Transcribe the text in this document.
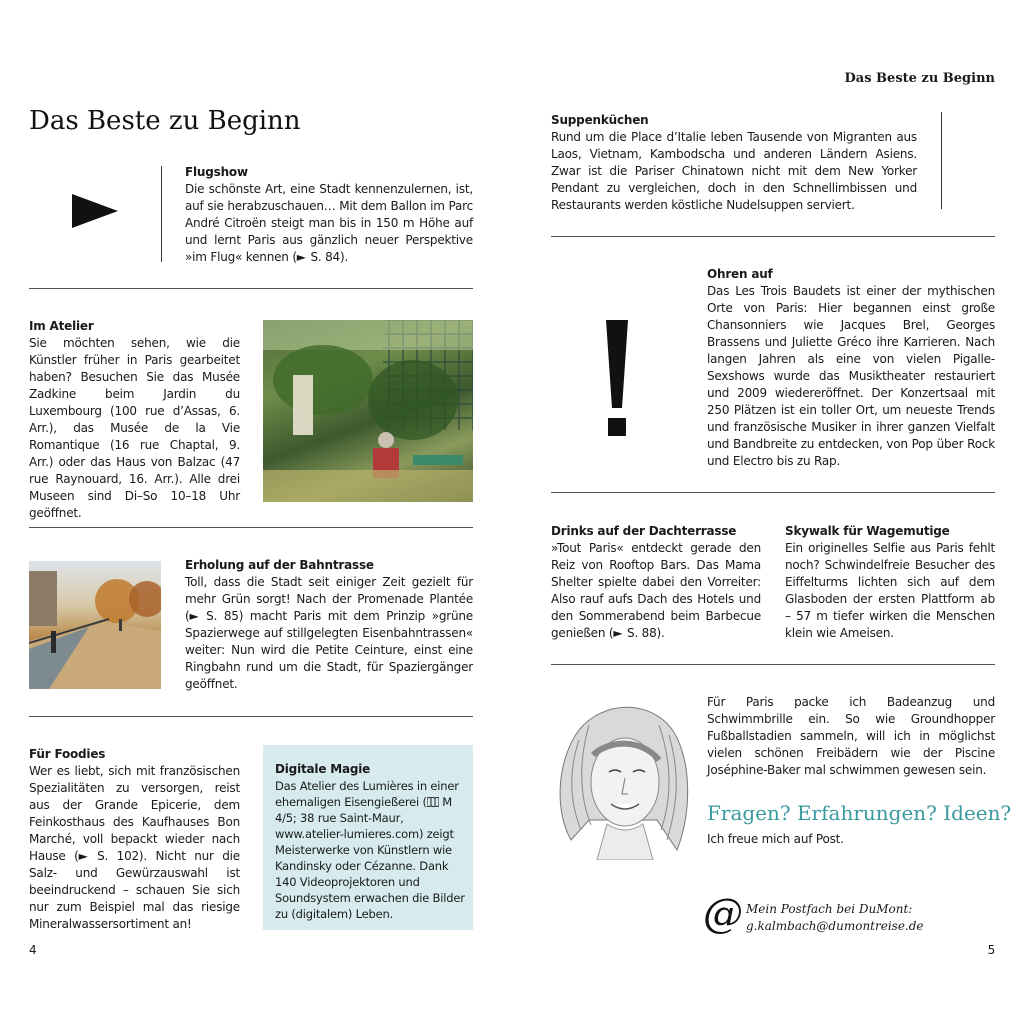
Das Beste zu Beginn
Das Beste zu Beginn
Flugshow
Die schönste Art, eine Stadt kennenzulernen, ist, auf sie herabzuschauen… Mit dem Ballon im Parc André Citroën steigt man bis in 150 m Höhe auf und lernt Paris aus gänzlich neuer Perspektive »im Flug« kennen (► S. 84).
Im Atelier
Sie möchten sehen, wie die Künstler früher in Paris gearbeitet haben? Besuchen Sie das Musée Zadkine beim Jardin du Luxembourg (100 rue d’Assas, 6. Arr.), das Musée de la Vie Romantique (16 rue Chaptal, 9. Arr.) oder das Haus von Balzac (47 rue Raynouard, 16. Arr.). Alle drei Museen sind Di–So 10–18 Uhr geöffnet.
Erholung auf der Bahntrasse
Toll, dass die Stadt seit einiger Zeit gezielt für mehr Grün sorgt! Nach der Promenade Plantée (► S. 85) macht Paris mit dem Prinzip »grüne Spazierwege auf stillgelegten Eisenbahntrassen« weiter: Nun wird die Petite Ceinture, einst eine Ringbahn rund um die Stadt, für Spaziergänger geöffnet.
Für Foodies
Wer es liebt, sich mit französischen Spezialitäten zu versorgen, reist aus der Grande Epicerie, dem Feinkosthaus des Kaufhauses Bon Marché, voll bepackt wieder nach Hause (► S. 102). Nicht nur die Salz- und Gewürzauswahl ist beeindruckend – schauen Sie sich nur zum Beispiel mal das riesige Mineralwassersortiment an!
Digitale Magie
Das Atelier des Lumières in einer ehemaligen Eisengießerei ( M 4/5; 38 rue Saint-Maur, www.atelier-lumieres.com) zeigt Meisterwerke von Künstlern wie Kandinsky oder Cézanne. Dank 140 Videoprojektoren und Soundsystem erwachen die Bilder zu (digitalem) Leben.
4
Suppenküchen
Rund um die Place d’Italie leben Tausende von Migranten aus Laos, Vietnam, Kambodscha und anderen Ländern Asiens. Zwar ist die Pariser Chinatown nicht mit dem New Yorker Pendant zu vergleichen, doch in den Schnellimbissen und Restaurants werden köstliche Nudelsuppen serviert.
Ohren auf
Das Les Trois Baudets ist einer der mythischen Orte von Paris: Hier begannen einst große Chansonniers wie Jacques Brel, Georges Brassens und Juliette Gréco ihre Karrieren. Nach langen Jahren als eine von vielen Pigalle-Sexshows wurde das Musiktheater restauriert und 2009 wiedereröffnet. Der Konzertsaal mit 250 Plätzen ist ein toller Ort, um neueste Trends und französische Musiker in ihrer ganzen Vielfalt und Bandbreite zu entdecken, von Pop über Rock und Electro bis zu Rap.
Drinks auf der Dachterrasse
»Tout Paris« entdeckt gerade den Reiz von Rooftop Bars. Das Mama Shelter spielte dabei den Vorreiter: Also rauf aufs Dach des Hotels und den Sommerabend beim Barbecue genießen (► S. 88).
Skywalk für Wagemutige
Ein originelles Selfie aus Paris fehlt noch? Schwindelfreie Besucher des Eiffelturms lichten sich auf dem Glasboden der ersten Plattform ab – 57 m tiefer wirken die Menschen klein wie Ameisen.
Für Paris packe ich Badeanzug und Schwimmbrille ein. So wie Groundhopper Fußballstadien sammeln, will ich in möglichst vielen schönen Freibädern wie der Piscine Joséphine-Baker mal schwimmen gewesen sein.
Fragen? Erfahrungen? Ideen?
Ich freue mich auf Post.
@ Mein Postfach bei DuMont:
g.kalmbach@dumontreise.de
5
